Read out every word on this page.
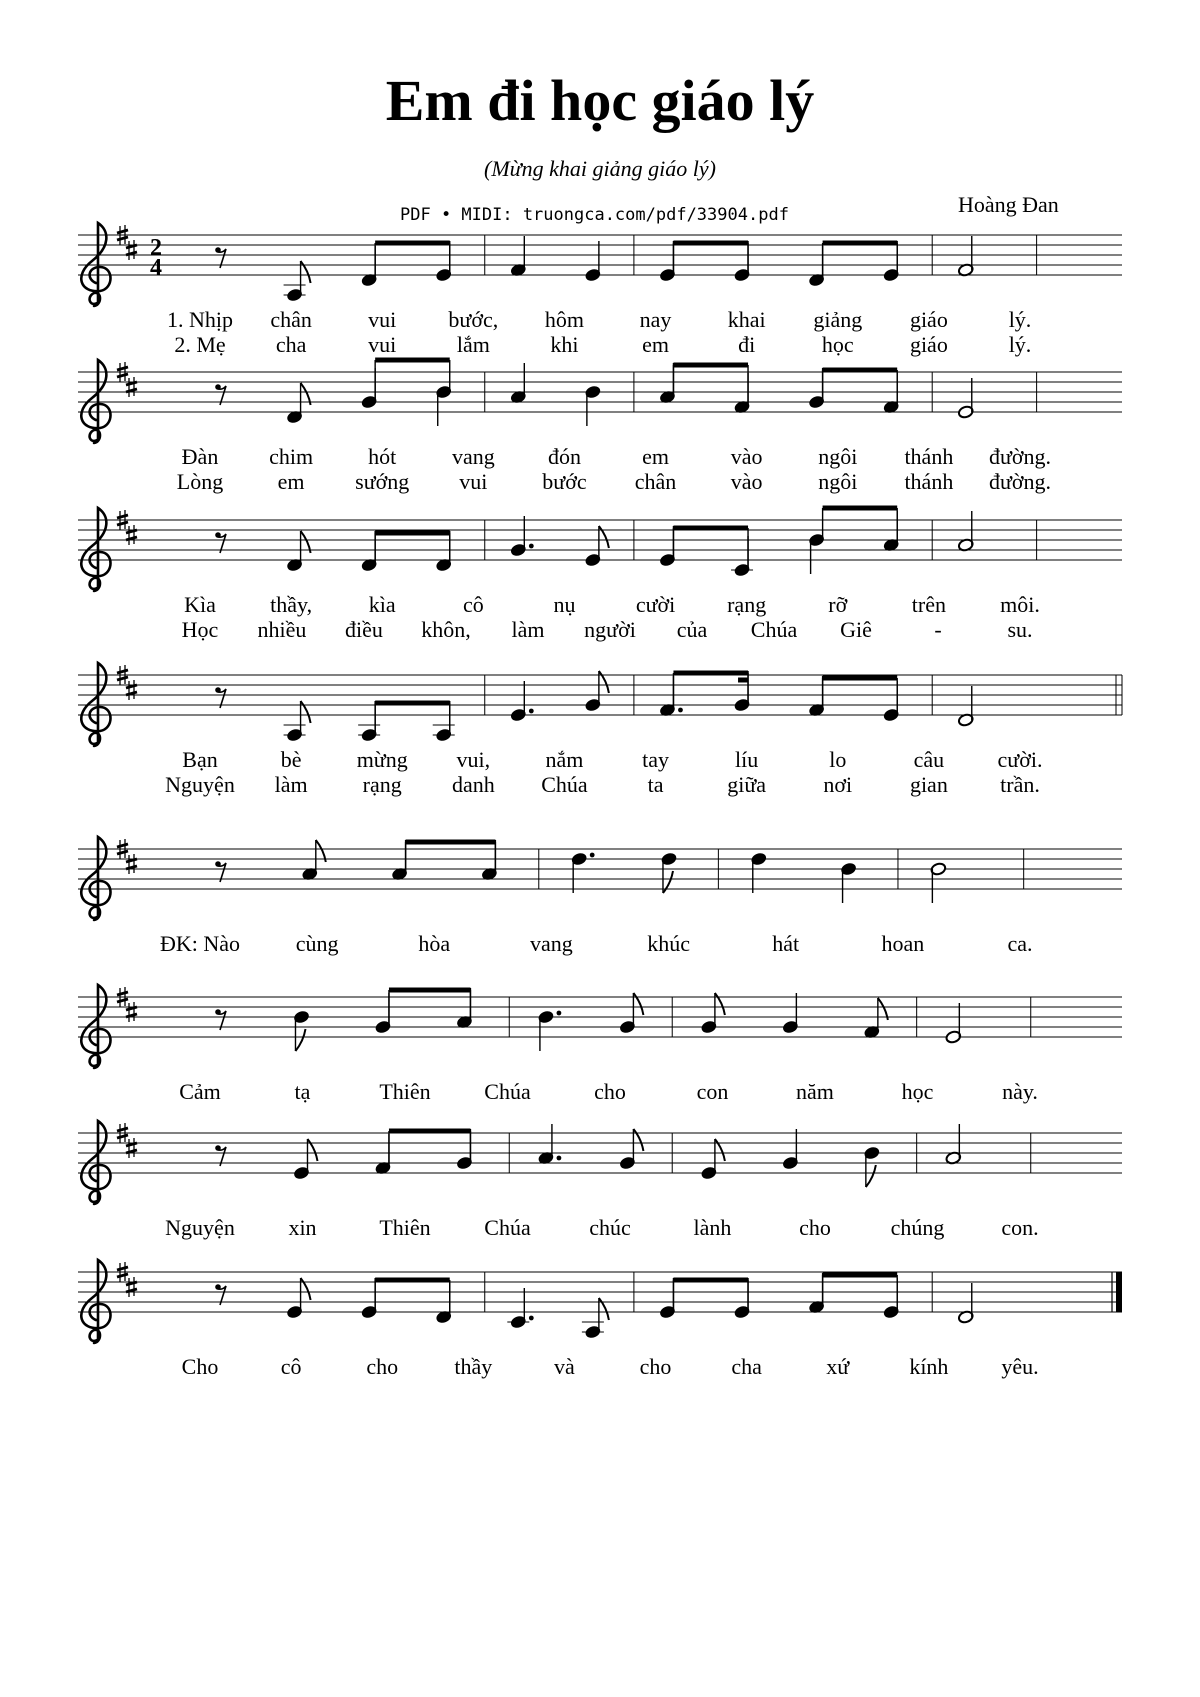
Em đi học giáo lý
(Mừng khai giảng giáo lý)
PDF • MIDI: truongca.com/pdf/33904.pdf	Hoàng Đan
2
4
1. Nhịp chân	vui bước, hôm	nay	khai giảng giáo	lý.
2. Mẹ cha	vui	lắm	khi	em	đi	học	giáo	lý.
Đàn chim	hót	vang đón	em	vào	ngôi thánh đường.
Lòng em sướng vui bước chân vào	ngôi thánh đường.
Kìa thầy,	kìa	cô	nụ	cười rạng	rỡ	trên môi.
Học nhiều điều khôn, làm người của Chúa Giê	-	su.
Bạn	bè	mừng vui,	nắm	tay	líu	lo	câu cười.
Nguyện làm	rạng danh Chúa	ta	giữa	nơi	gian trần.
ĐK: Nào	cùng	hòa	vang	khúc	hát	hoan	ca.
Cảm	tạ	Thiên Chúa	cho	con	năm	học	này.
Nguyện xin	Thiên Chúa	chúc	lành	cho	chúng	con.
Cho	cô	cho	thầy	và	cho	cha	xứ	kính yêu.
